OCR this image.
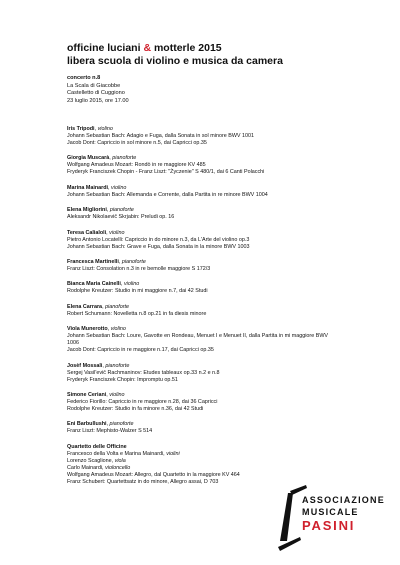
officine luciani & motterle 2015
libera scuola di violino e musica da camera
concerto n.8
La Scala di Giacobbe
Castelletto di Cuggiono
23 luglio 2015, ore 17.00
Iris Tripodi, violino
Johann Sebastian Bach: Adagio e Fuga, dalla Sonata in sol minore BWV 1001
Jacob Dont: Capriccio in sol minore n.5, dai Capricci op.35
Giorgia Muscarà, pianoforte
Wolfgang Amadeus Mozart: Rondò in re maggiore KV 485
Fryderyk Franciszek Chopin - Franz Liszt: "Życzenie" S 480/1, dai 6 Canti Polacchi
Marina Mainardi, violino
Johann Sebastian Bach: Allemanda e Corrente, dalla Partita in re minore BWV 1004
Elena Migliorini, pianoforte
Aleksandr Nikolaevič Skrjabin: Preludi op. 16
Teresa Calialoli, violino
Pietro Antonio Locatelli: Capriccio in do minore n.3, da L'Arte del violino op.3
Johann Sebastian Bach: Grave e Fuga, dalla Sonata in la minore BWV 1003
Francesca Martinelli, pianoforte
Franz Liszt: Consolation n.3 in re bemolle maggiore S 172/3
Bianca Maria Cainelli, violino
Rodolphe Kreutzer: Studio in mi maggiore n.7, dai 42 Studi
Elena Carrara, pianoforte
Robert Schumann: Novelletta n.8 op.21 in fa diesis minore
Viola Munerotto, violino
Johann Sebastian Bach: Loure, Gavotte en Rondeau, Menuet I e Menuet II, dalla Partita in mi maggiore BWV 1006
Jacob Dont: Capriccio in re maggiore n.17, dai Capricci op.35
Josèf Mossali, pianoforte
Sergej Vasil'evič Rachmaninov: Etudes tableaux op.33 n.2 e n.8
Fryderyk Franciszek Chopin: Impromptu op.51
Simone Ceriani, violino
Federico Fiorillo: Capriccio in re maggiore n.28, dai 36 Capricci
Rodolphe Kreutzer: Studio in fa minore n.36, dai 42 Studi
Eni Barbullushi, pianoforte
Franz Liszt: Mephisto-Walzer S 514
Quartetto delle Officine
Francesco della Volta e Marina Mainardi, violini
Lorenzo Scaglione, viola
Carlo Mainardi, violoncello
Wolfgang Amadeus Mozart: Allegro, dal Quartetto in la maggiore KV 464
Franz Schubert: Quartettsatz in do minore, Allegro assai, D 703
ASSOCIAZIONE
MUSICALE
PASINI
